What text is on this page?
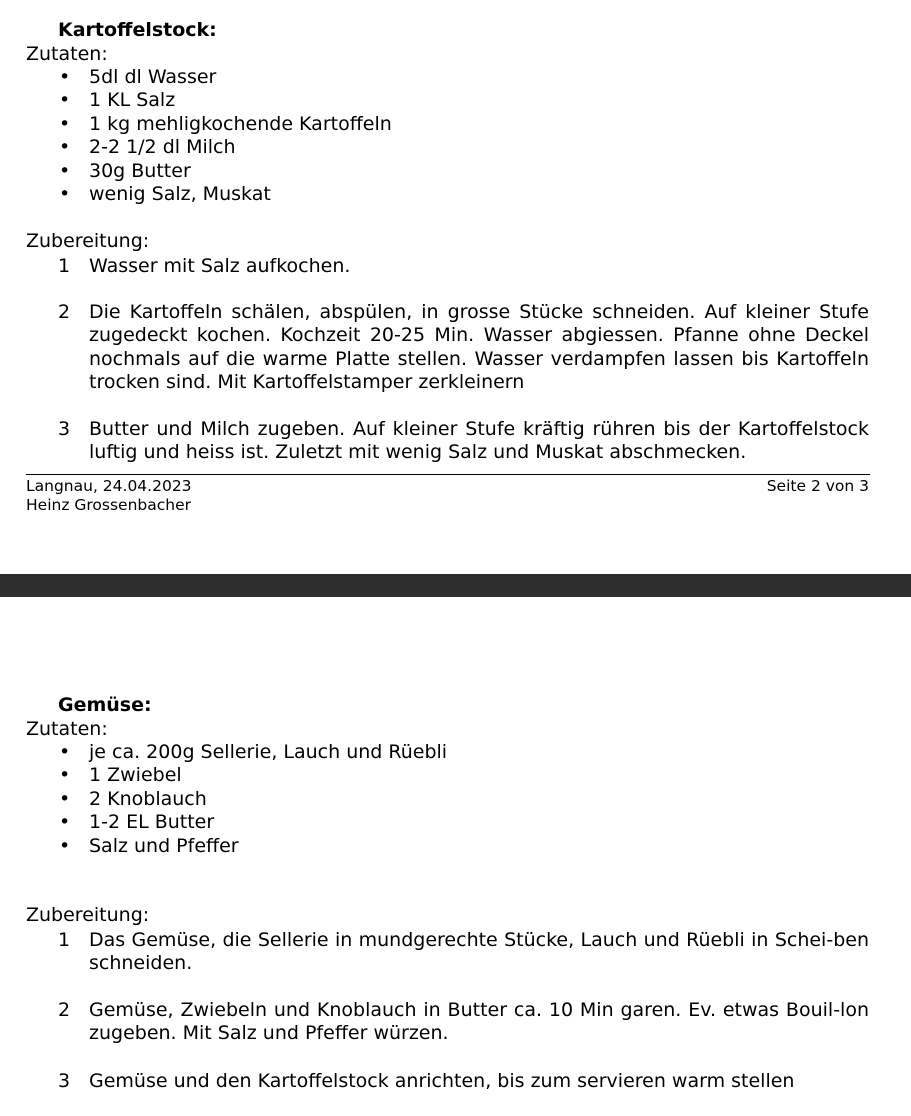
Kartoffelstock:
Zutaten:
• 5dl dl Wasser
• 1 KL Salz
• 1 kg mehligkochende Kartoffeln
• 2-2 1/2 dl Milch
• 30g Butter
• wenig Salz, Muskat
Zubereitung:
1 Wasser mit Salz aufkochen.
2 Die Kartoffeln schälen, abspülen, in grosse Stücke schneiden. Auf kleiner Stufe zugedeckt kochen. Kochzeit 20-25 Min. Wasser abgiessen. Pfanne ohne Deckel nochmals auf die warme Platte stellen. Wasser verdampfen lassen bis Kartoffeln trocken sind. Mit Kartoffelstamper zerkleinern
3 Butter und Milch zugeben. Auf kleiner Stufe kräftig rühren bis der Kartoffelstock luftig und heiss ist. Zuletzt mit wenig Salz und Muskat abschmecken.
Langnau, 24.04.2023
Heinz Grossenbacher
Seite 2 von 3
Gemüse:
Zutaten:
• je ca. 200g Sellerie, Lauch und Rüebli
• 1 Zwiebel
• 2 Knoblauch
• 1-2 EL Butter
• Salz und Pfeffer
Zubereitung:
1 Das Gemüse, die Sellerie in mundgerechte Stücke, Lauch und Rüebli in Schei-ben schneiden.
2 Gemüse, Zwiebeln und Knoblauch in Butter ca. 10 Min garen. Ev. etwas Bouil-lon zugeben. Mit Salz und Pfeffer würzen.
3 Gemüse und den Kartoffelstock anrichten, bis zum servieren warm stellen
